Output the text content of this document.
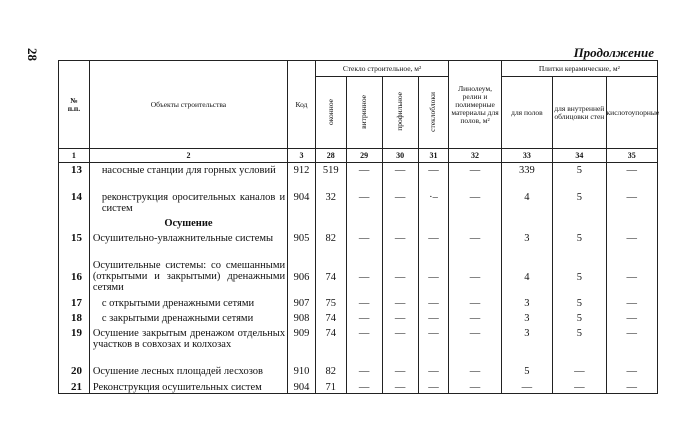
28	Продолжение
№
п.п.	Объекты строительства	Код	Стекло строительное, м²				Линолеум, релин и полимерные материалы для полов, м²	Плитки керамические, м²		
			оконное	витринное	профильное	стеклоблоки		для полов	для внутренней облицовки стен	кислотоупорные
1	2	3	28	29	30	31	32	33	34	35
13	насосные станции для горных условий	912	519	—	—	—	—	339	5	—
14	реконструкция оросительных каналов и систем	904	32	—	—	·–	—	4	5	—
	Осушение									
15	Осушительно-увлажнительные системы	905	82	—	—	—	—	3	5	—
16	Осушительные системы: со смешанными (открытыми и закрытыми) дренажными сетями	906	74	—	—	—	—	4	5	—
17	с открытыми дренажными сетями	907	75	—	—	—	—	3	5	—
18	с закрытыми дренажными сетями	908	74	—	—	—	—	3	5	—
19	Осушение закрытым дренажом отдельных участков в совхозах и колхозах	909	74	—	—	—	—	3	5	—
20	Осушение лесных площадей лесхозов	910	82	—	—	—	—	5	—	—
21	Реконструкция осушительных систем	904	71	—	—	—	—	—	—	—
